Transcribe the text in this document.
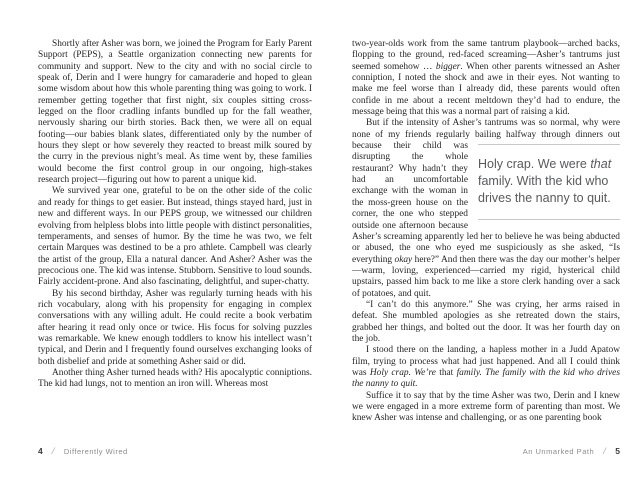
Shortly after Asher was born, we joined the Program for Early Parent Support (PEPS), a Seattle organization connecting new parents for community and support. New to the city and with no social circle to speak of, Derin and I were hungry for camaraderie and hoped to glean some wisdom about how this whole parenting thing was going to work. I remember getting together that first night, six couples sitting cross-legged on the floor cradling infants bundled up for the fall weather, nervously sharing our birth stories. Back then, we were all on equal footing—our babies blank slates, differentiated only by the number of hours they slept or how severely they reacted to breast milk soured by the curry in the previous night’s meal. As time went by, these families would become the first control group in our ongoing, high-stakes research project—figuring out how to parent a unique kid.

We survived year one, grateful to be on the other side of the colic and ready for things to get easier. But instead, things stayed hard, just in new and different ways. In our PEPS group, we witnessed our children evolving from helpless blobs into little people with distinct personalities, temperaments, and senses of humor. By the time he was two, we felt certain Marques was destined to be a pro athlete. Campbell was clearly the artist of the group, Ella a natural dancer. And Asher? Asher was the precocious one. The kid was intense. Stubborn. Sensitive to loud sounds. Fairly accident-prone. And also fascinating, delightful, and super-chatty.

By his second birthday, Asher was regularly turning heads with his rich vocabulary, along with his propensity for engaging in complex conversations with any willing adult. He could recite a book verbatim after hearing it read only once or twice. His focus for solving puzzles was remarkable. We knew enough toddlers to know his intellect wasn’t typical, and Derin and I frequently found ourselves exchanging looks of both disbelief and pride at something Asher said or did.

Another thing Asher turned heads with? His apocalyptic conniptions. The kid had lungs, not to mention an iron will. Whereas most

4 / Differently Wired

two-year-olds work from the same tantrum playbook—arched backs, flopping to the ground, red-faced screaming—Asher’s tantrums just seemed somehow … bigger. When other parents witnessed an Asher conniption, I noted the shock and awe in their eyes. Not wanting to make me feel worse than I already did, these parents would often confide in me about a recent meltdown they’d had to endure, the message being that this was a normal part of raising a kid.

But if the intensity of Asher’s tantrums was so normal, why were none of my friends regularly bailing halfway through dinners out
Holy crap. We were that family. With the kid who drives the nanny to quit.
because their child was disrupting the whole restaurant? Why hadn’t they had an uncomfortable exchange with the woman in the moss-green house on the corner, the one who stepped outside one afternoon because Asher’s screaming apparently led her to believe he was being abducted or abused, the one who eyed me suspiciously as she asked, “Is everything okay here?” And then there was the day our mother’s helper—warm, loving, experienced—carried my rigid, hysterical child upstairs, passed him back to me like a store clerk handing over a sack of potatoes, and quit.

“I can’t do this anymore.” She was crying, her arms raised in defeat. She mumbled apologies as she retreated down the stairs, grabbed her things, and bolted out the door. It was her fourth day on the job.

I stood there on the landing, a hapless mother in a Judd Apatow film, trying to process what had just happened. And all I could think was Holy crap. We’re that family. The family with the kid who drives the nanny to quit.

Suffice it to say that by the time Asher was two, Derin and I knew we were engaged in a more extreme form of parenting than most. We knew Asher was intense and challenging, or as one parenting book

An Unmarked Path / 5
